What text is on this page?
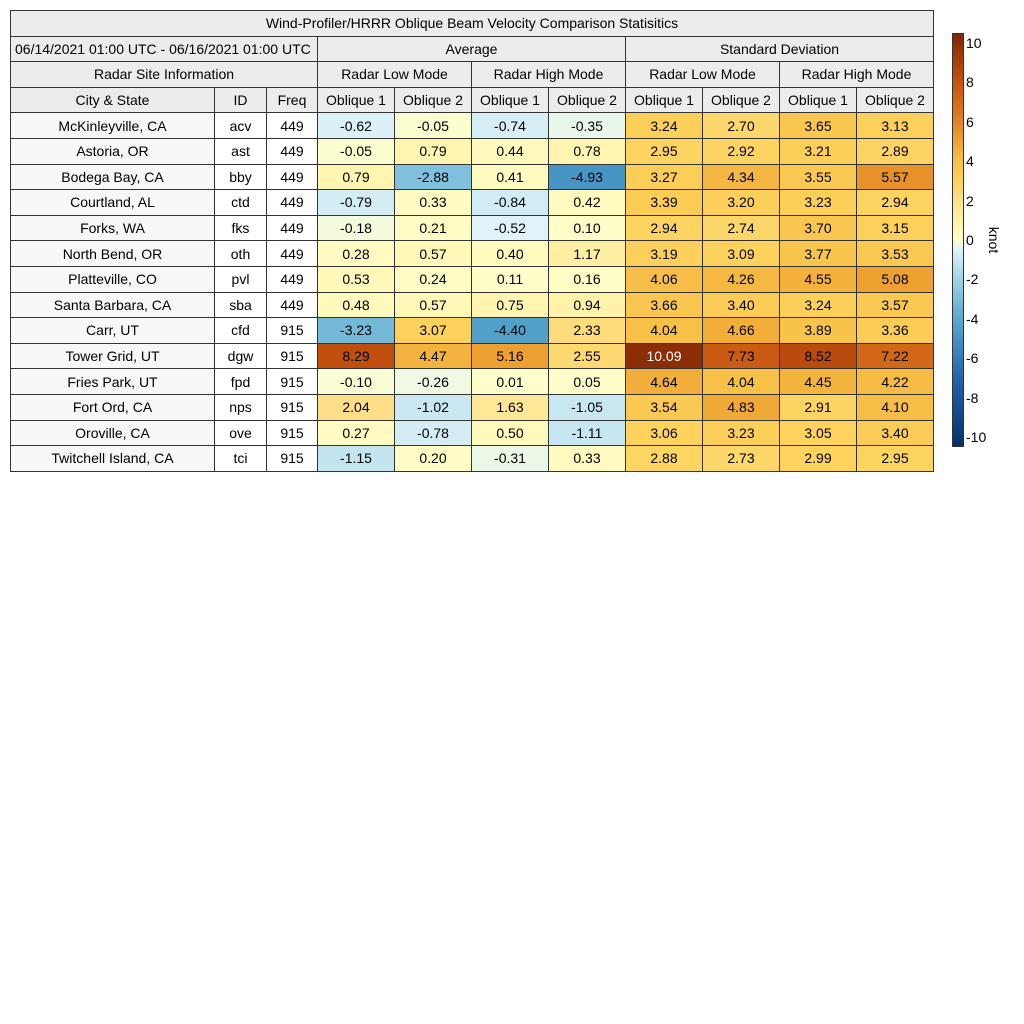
Wind-Profiler/HRRR Oblique Beam Velocity Comparison Statisitics										
06/14/2021 01:00 UTC - 06/16/2021 01:00 UTC			Average				Standard Deviation			
Radar Site Information			Radar Low Mode		Radar High Mode		Radar Low Mode		Radar High Mode	
City & State	ID	Freq	Oblique 1	Oblique 2	Oblique 1	Oblique 2	Oblique 1	Oblique 2	Oblique 1	Oblique 2
McKinleyville, CA	acv	449	-0.62	-0.05	-0.74	-0.35	3.24	2.70	3.65	3.13
Astoria, OR	ast	449	-0.05	0.79	0.44	0.78	2.95	2.92	3.21	2.89
Bodega Bay, CA	bby	449	0.79	-2.88	0.41	-4.93	3.27	4.34	3.55	5.57
Courtland, AL	ctd	449	-0.79	0.33	-0.84	0.42	3.39	3.20	3.23	2.94
Forks, WA	fks	449	-0.18	0.21	-0.52	0.10	2.94	2.74	3.70	3.15
North Bend, OR	oth	449	0.28	0.57	0.40	1.17	3.19	3.09	3.77	3.53
Platteville, CO	pvl	449	0.53	0.24	0.11	0.16	4.06	4.26	4.55	5.08
Santa Barbara, CA	sba	449	0.48	0.57	0.75	0.94	3.66	3.40	3.24	3.57
Carr, UT	cfd	915	-3.23	3.07	-4.40	2.33	4.04	4.66	3.89	3.36
Tower Grid, UT	dgw	915	8.29	4.47	5.16	2.55	10.09	7.73	8.52	7.22
Fries Park, UT	fpd	915	-0.10	-0.26	0.01	0.05	4.64	4.04	4.45	4.22
Fort Ord, CA	nps	915	2.04	-1.02	1.63	-1.05	3.54	4.83	2.91	4.10
Oroville, CA	ove	915	0.27	-0.78	0.50	-1.11	3.06	3.23	3.05	3.40
Twitchell Island, CA	tci	915	-1.15	0.20	-0.31	0.33	2.88	2.73	2.99	2.95
10
8
6
4
2
0
-2
-4
-6
-8
-10
knot
